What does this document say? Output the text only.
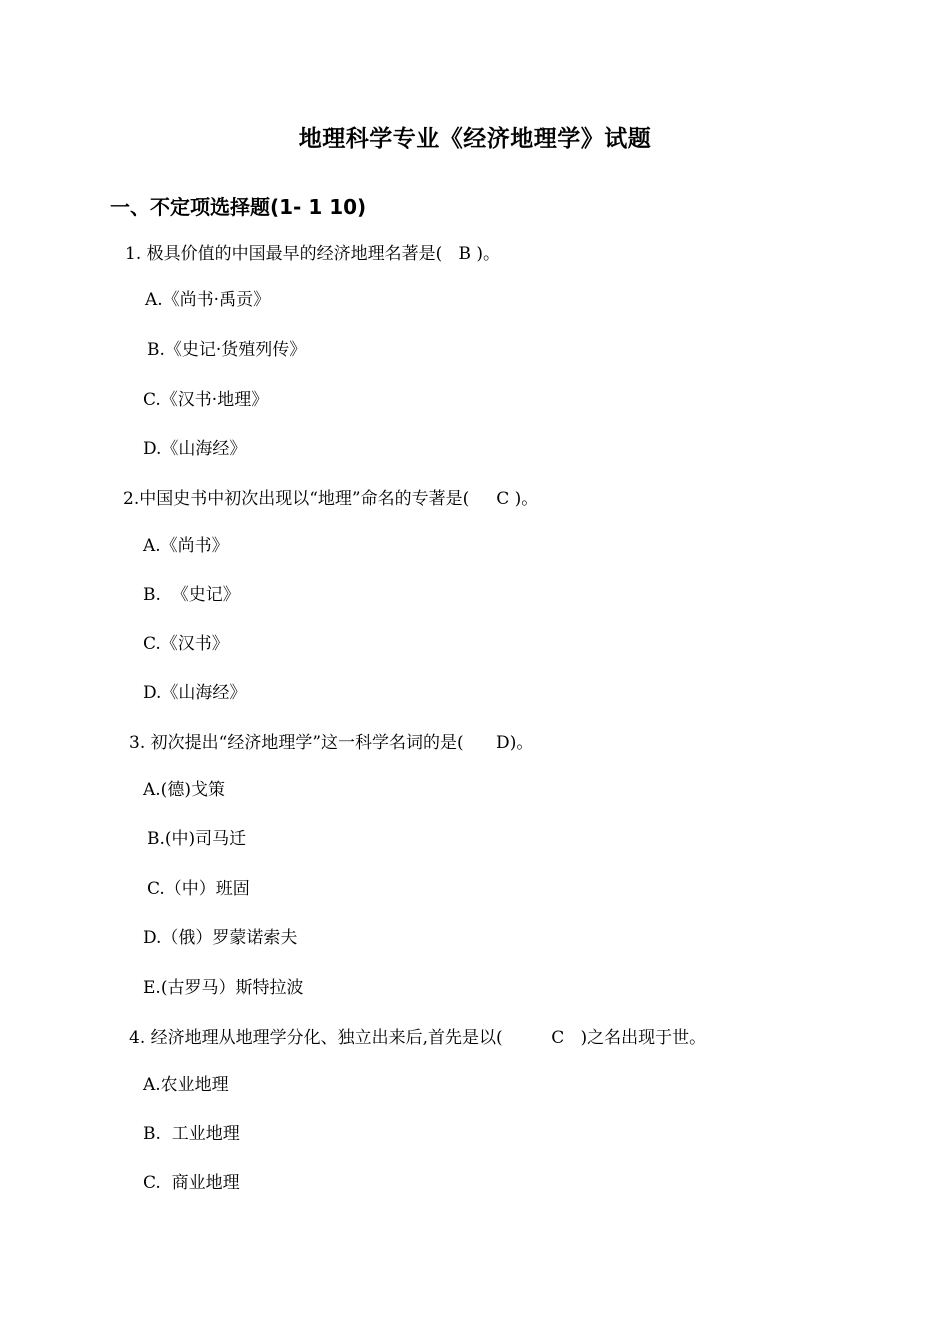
地理科学专业《经济地理学》试题
一、不定项选择题(1- 1 10)
1. 极具价值的中国最早的经济地理名著是(   B )。
A.《尚书·禹贡》
B.《史记·货殖列传》
C.《汉书·地理》
D.《山海经》
2.中国史书中初次出现以“地理”命名的专著是(     C )。
A.《尚书》
B.  《史记》
C.《汉书》
D.《山海经》
3. 初次提出“经济地理学”这一科学名词的是(      D)。
A.(德)戈策
B.(中)司马迁
C.（中）班固
D.（俄）罗蒙诺索夫
E.(古罗马）斯特拉波
4. 经济地理从地理学分化、独立出来后,首先是以(         C   )之名出现于世。
A.农业地理
B.  工业地理
C.  商业地理
